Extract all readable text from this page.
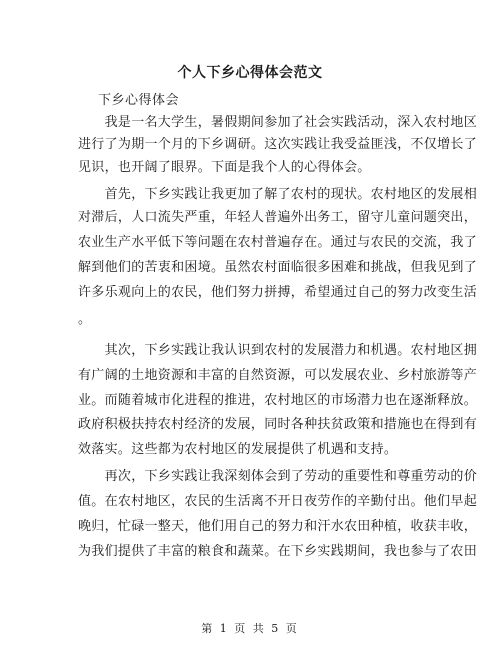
个人下乡心得体会范文
下乡心得体会
　　我是一名大学生，暑假期间参加了社会实践活动，深入农村地区
进行了为期一个月的下乡调研。这次实践让我受益匪浅，不仅增长了
见识，也开阔了眼界。下面是我个人的心得体会。
　　首先，下乡实践让我更加了解了农村的现状。农村地区的发展相
对滞后，人口流失严重，年轻人普遍外出务工，留守儿童问题突出，
农业生产水平低下等问题在农村普遍存在。通过与农民的交流，我了
解到他们的苦衷和困境。虽然农村面临很多困难和挑战，但我见到了
许多乐观向上的农民，他们努力拼搏，希望通过自己的努力改变生活
。
　　其次，下乡实践让我认识到农村的发展潜力和机遇。农村地区拥
有广阔的土地资源和丰富的自然资源，可以发展农业、乡村旅游等产
业。而随着城市化进程的推进，农村地区的市场潜力也在逐渐释放。
政府积极扶持农村经济的发展，同时各种扶贫政策和措施也在得到有
效落实。这些都为农村地区的发展提供了机遇和支持。
　　再次，下乡实践让我深刻体会到了劳动的重要性和尊重劳动的价
值。在农村地区，农民的生活离不开日夜劳作的辛勤付出。他们早起
晚归，忙碌一整天，他们用自己的努力和汗水农田种植，收获丰收，
为我们提供了丰富的粮食和蔬菜。在下乡实践期间，我也参与了农田
第 1 页 共 5 页
